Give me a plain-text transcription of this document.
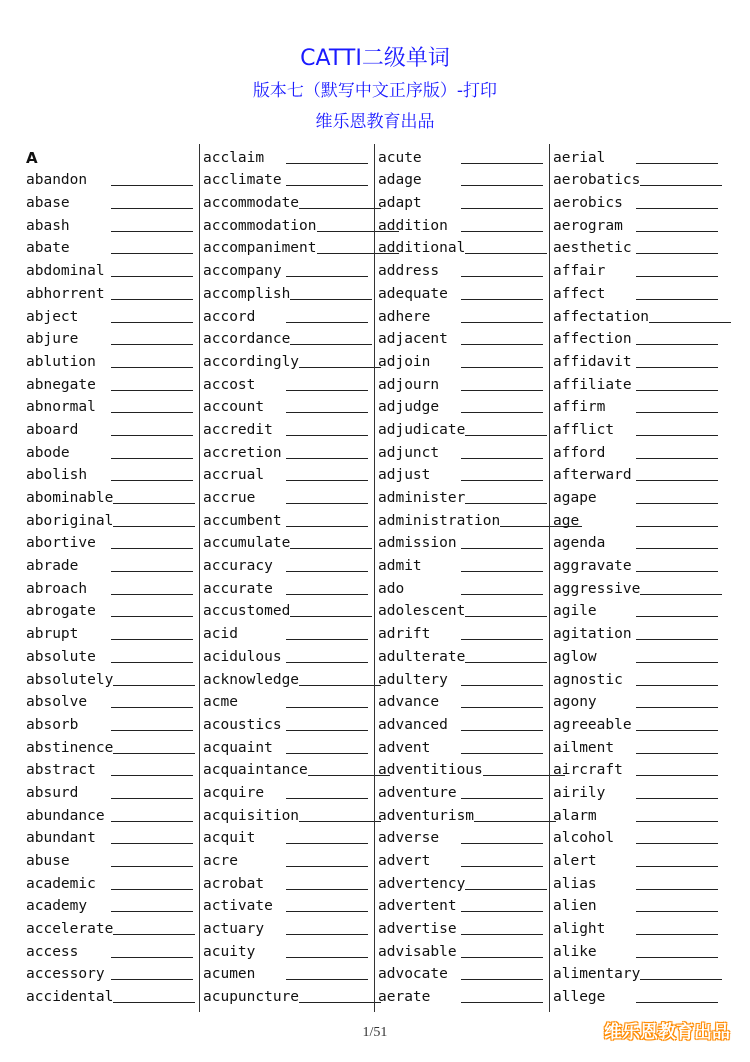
CATTI二级单词
版本七（默写中文正序版）-打印
维乐恩教育出品
A
abandon
abase
abash
abate
abdominal
abhorrent
abject
abjure
ablution
abnegate
abnormal
aboard
abode
abolish
abominable
aboriginal
abortive
abrade
abroach
abrogate
abrupt
absolute
absolutely
absolve
absorb
abstinence
abstract
absurd
abundance
abundant
abuse
academic
academy
accelerate
access
accessory
accidental
acclaim
acclimate
accommodate
accommodation
accompaniment
accompany
accomplish
accord
accordance
accordingly
accost
account
accredit
accretion
accrual
accrue
accumbent
accumulate
accuracy
accurate
accustomed
acid
acidulous
acknowledge
acme
acoustics
acquaint
acquaintance
acquire
acquisition
acquit
acre
acrobat
activate
actuary
acuity
acumen
acupuncture
acute
adage
adapt
addition
additional
address
adequate
adhere
adjacent
adjoin
adjourn
adjudge
adjudicate
adjunct
adjust
administer
administration
admission
admit
ado
adolescent
adrift
adulterate
adultery
advance
advanced
advent
adventitious
adventure
adventurism
adverse
advert
advertency
advertent
advertise
advisable
advocate
aerate
aerial
aerobatics
aerobics
aerogram
aesthetic
affair
affect
affectation
affection
affidavit
affiliate
affirm
afflict
afford
afterward
agape
age
agenda
aggravate
aggressive
agile
agitation
aglow
agnostic
agony
agreeable
ailment
aircraft
airily
alarm
alcohol
alert
alias
alien
alight
alike
alimentary
allege
1/51	维乐恩教育出品
